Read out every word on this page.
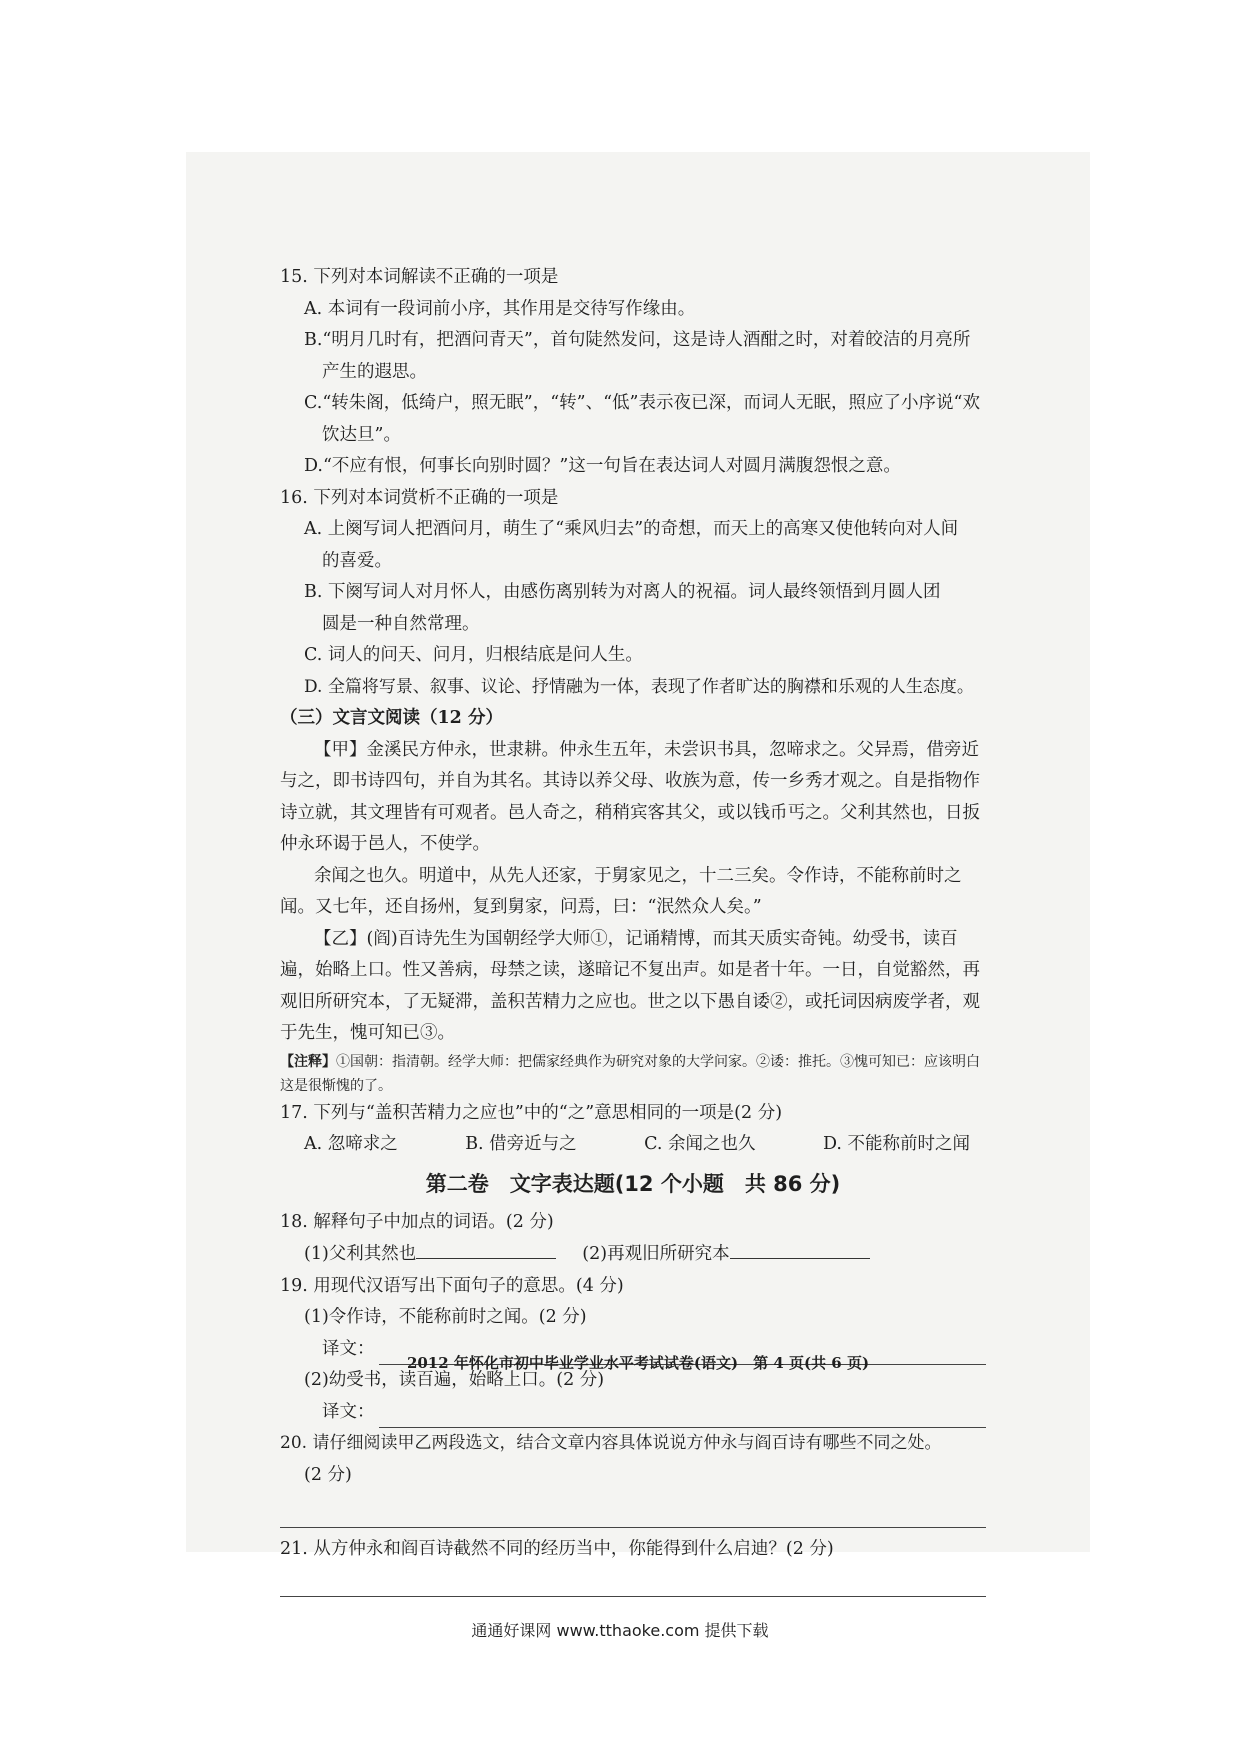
15. 下列对本词解读不正确的一项是
A. 本词有一段词前小序，其作用是交待写作缘由。
B.“明月几时有，把酒问青天”，首句陡然发问，这是诗人酒酣之时，对着皎洁的月亮所
产生的遐思。
C.“转朱阁，低绮户，照无眠”，“转”、“低”表示夜已深，而词人无眠，照应了小序说“欢
饮达旦”。
D.“不应有恨，何事长向别时圆？”这一句旨在表达词人对圆月满腹怨恨之意。
16. 下列对本词赏析不正确的一项是
A. 上阕写词人把酒问月，萌生了“乘风归去”的奇想，而天上的高寒又使他转向对人间
的喜爱。
B. 下阕写词人对月怀人，由感伤离别转为对离人的祝福。词人最终领悟到月圆人团
圆是一种自然常理。
C. 词人的问天、问月，归根结底是问人生。
D. 全篇将写景、叙事、议论、抒情融为一体，表现了作者旷达的胸襟和乐观的人生态度。
（三）文言文阅读（12 分）
【甲】金溪民方仲永，世隶耕。仲永生五年，未尝识书具，忽啼求之。父异焉，借旁近与之，即书诗四句，并自为其名。其诗以养父母、收族为意，传一乡秀才观之。自是指物作诗立就，其文理皆有可观者。邑人奇之，稍稍宾客其父，或以钱币丐之。父利其然也，日扳仲永环谒于邑人，不使学。
余闻之也久。明道中，从先人还家，于舅家见之，十二三矣。令作诗，不能称前时之闻。又七年，还自扬州，复到舅家，问焉，曰：“泯然众人矣。”
【乙】(阎)百诗先生为国朝经学大师①，记诵精博，而其天质实奇钝。幼受书，读百遍，始略上口。性又善病，母禁之读，遂暗记不复出声。如是者十年。一日，自觉豁然，再观旧所研究本，了无疑滞，盖积苦精力之应也。世之以下愚自诿②，或托词因病废学者，观于先生，愧可知已③。
【注释】①国朝：指清朝。经学大师：把儒家经典作为研究对象的大学问家。②诿：推托。③愧可知已：应该明白这是很惭愧的了。
17. 下列与“盖积苦精力之应也”中的“之”意思相同的一项是(2 分)
A. 忽啼求之	B. 借旁近与之	C. 余闻之也久	D. 不能称前时之闻
第二卷　文字表达题(12 个小题　共 86 分)
18. 解释句子中加点的词语。(2 分)
(1)父利其然也	(2)再观旧所研究本
19. 用现代汉语写出下面句子的意思。(4 分)
(1)令作诗，不能称前时之闻。(2 分)
译文：
(2)幼受书，读百遍，始略上口。(2 分)
译文：
20. 请仔细阅读甲乙两段选文，结合文章内容具体说说方仲永与阎百诗有哪些不同之处。
(2 分)
21. 从方仲永和阎百诗截然不同的经历当中，你能得到什么启迪？(2 分)
2012 年怀化市初中毕业学业水平考试试卷(语文)　第 4 页(共 6 页)
通通好课网 www.tthaoke.com 提供下载
